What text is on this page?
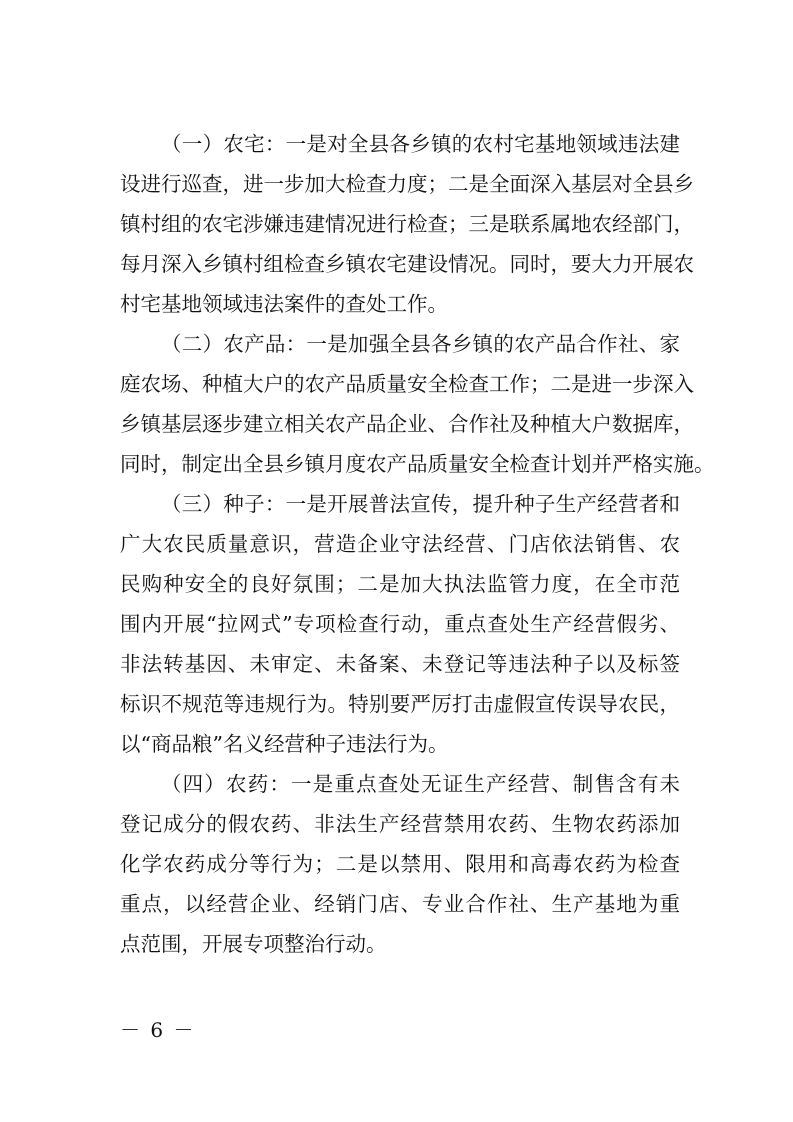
（一）农宅：一是对全县各乡镇的农村宅基地领域违法建
设进行巡查，进一步加大检查力度；二是全面深入基层对全县乡
镇村组的农宅涉嫌违建情况进行检查；三是联系属地农经部门，
每月深入乡镇村组检查乡镇农宅建设情况。同时，要大力开展农
村宅基地领域违法案件的查处工作。
（二）农产品：一是加强全县各乡镇的农产品合作社、家
庭农场、种植大户的农产品质量安全检查工作；二是进一步深入
乡镇基层逐步建立相关农产品企业、合作社及种植大户数据库，
同时，制定出全县乡镇月度农产品质量安全检查计划并严格实施。
（三）种子：一是开展普法宣传，提升种子生产经营者和
广大农民质量意识，营造企业守法经营、门店依法销售、农
民购种安全的良好氛围；二是加大执法监管力度，在全市范
围内开展“拉网式”专项检查行动，重点查处生产经营假劣、
非法转基因、未审定、未备案、未登记等违法种子以及标签
标识不规范等违规行为。特别要严厉打击虚假宣传误导农民，
以“商品粮”名义经营种子违法行为。
（四）农药：一是重点查处无证生产经营、制售含有未
登记成分的假农药、非法生产经营禁用农药、生物农药添加
化学农药成分等行为；二是以禁用、限用和高毒农药为检查
重点，以经营企业、经销门店、专业合作社、生产基地为重
点范围，开展专项整治行动。
－ 6 －
